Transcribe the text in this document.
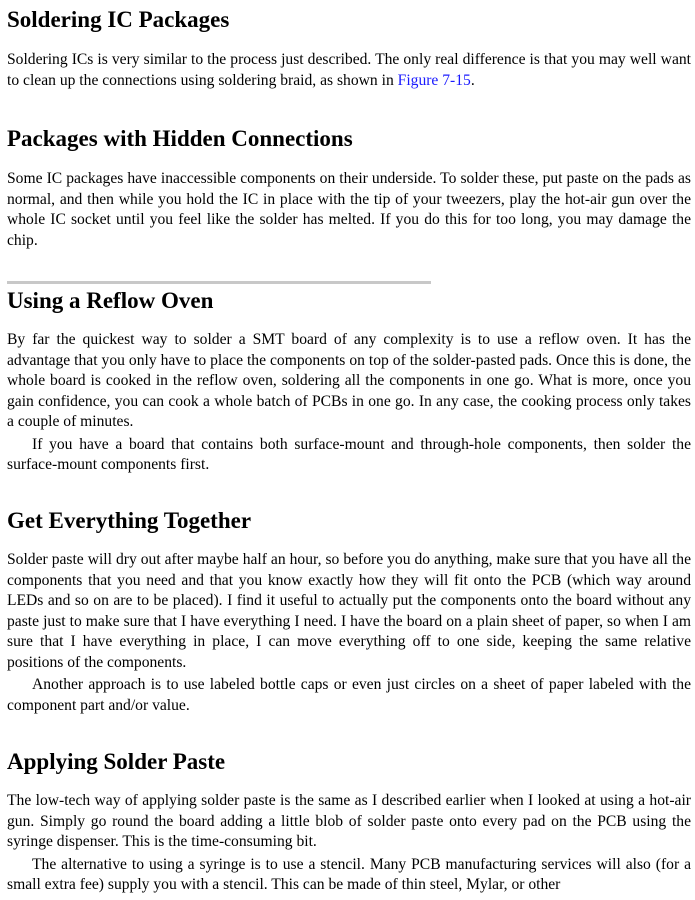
Soldering IC Packages

Soldering ICs is very similar to the process just described. The only real difference is that you may well want to clean up the connections using soldering braid, as shown in Figure 7-15.

Packages with Hidden Connections

Some IC packages have inaccessible components on their underside. To solder these, put paste on the pads as normal, and then while you hold the IC in place with the tip of your tweezers, play the hot-air gun over the whole IC socket until you feel like the solder has melted. If you do this for too long, you may damage the chip.

Using a Reflow Oven

By far the quickest way to solder a SMT board of any complexity is to use a reflow oven. It has the advantage that you only have to place the components on top of the solder-pasted pads. Once this is done, the whole board is cooked in the reflow oven, soldering all the components in one go. What is more, once you gain confidence, you can cook a whole batch of PCBs in one go. In any case, the cooking process only takes a couple of minutes.

If you have a board that contains both surface-mount and through-hole components, then solder the surface-mount components first.

Get Everything Together

Solder paste will dry out after maybe half an hour, so before you do anything, make sure that you have all the components that you need and that you know exactly how they will fit onto the PCB (which way around LEDs and so on are to be placed). I find it useful to actually put the components onto the board without any paste just to make sure that I have everything I need. I have the board on a plain sheet of paper, so when I am sure that I have everything in place, I can move everything off to one side, keeping the same relative positions of the components.

Another approach is to use labeled bottle caps or even just circles on a sheet of paper labeled with the component part and/or value.

Applying Solder Paste

The low-tech way of applying solder paste is the same as I described earlier when I looked at using a hot-air gun. Simply go round the board adding a little blob of solder paste onto every pad on the PCB using the syringe dispenser. This is the time-consuming bit.

The alternative to using a syringe is to use a stencil. Many PCB manufacturing services will also (for a small extra fee) supply you with a stencil. This can be made of thin steel, Mylar, or other
